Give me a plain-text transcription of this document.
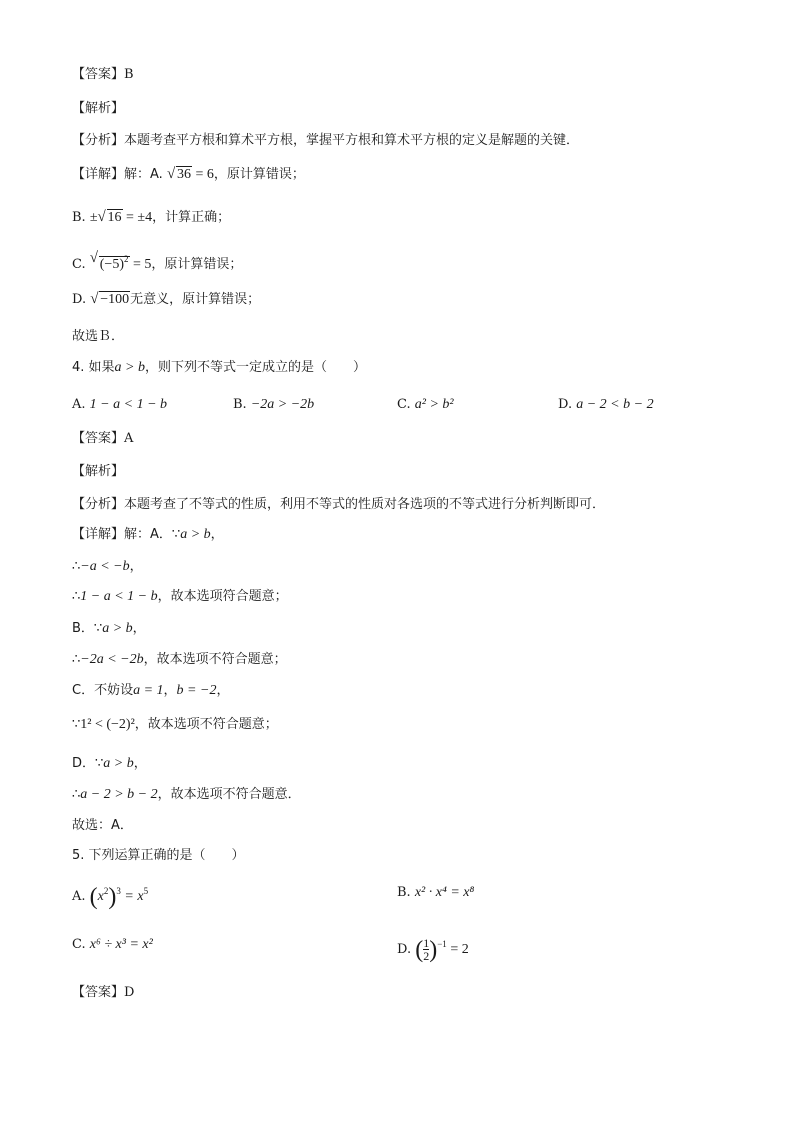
【答案】B
【解析】
【分析】本题考查平方根和算术平方根，掌握平方根和算术平方根的定义是解题的关键．
【详解】解：A. √ 36 = 6，原计算错误；
B. ± √ 16 = ±4，计算正确；
C. √ $(-5)^2 = 5$，原计算错误；
D. √ −100无意义，原计算错误；
故选Ｂ．
4. 如果a > b，则下列不等式一定成立的是（　　）
A. 1 − a < 1 − b	B. −2a > −2b	C. a² > b²	D. a − 2 < b − 2
【答案】A
【解析】
【分析】本题考查了不等式的性质，利用不等式的性质对各选项的不等式进行分析判断即可．
【详解】解：A．∵a > b，
∴−a < −b，
∴1 − a < 1 − b，故本选项符合题意；
B．∵a > b，
∴−2a < −2b，故本选项不符合题意；
C．不妨设a = 1，b = −2，
∵1² < (−2)²，故本选项不符合题意；
D．∵a > b，
∴a − 2 > b − 2，故本选项不符合题意．
故选：A．
5. 下列运算正确的是（　　）
A. $(x^2)^3 = x^5$	B. x² · x⁴ = x⁸
C. x⁶ ÷ x³ = x²	D. ( $\frac{1}{2} )^{-1} = 2$
【答案】D
